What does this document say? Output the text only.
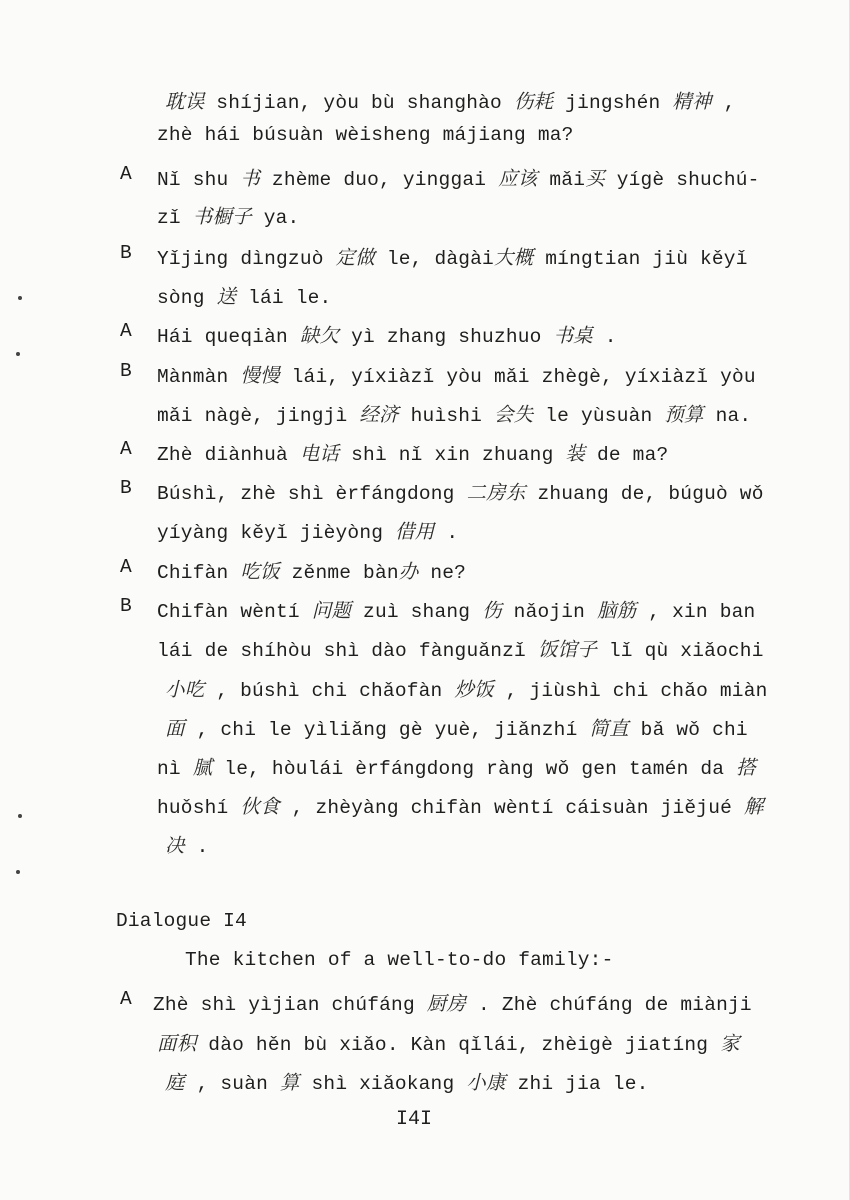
耽误 shíjian, yòu bù shanghào 伤耗 jingshén 精神 ,
zhè hái búsuàn wèisheng májiang ma?
A Nǐ shu 书 zhème duo, yinggai 应该 mǎi买 yígè shuchú-
zǐ 书橱子 ya.
B Yǐjing dìngzuò 定做 le, dàgài大概 míngtian jiù kěyǐ
sòng 送 lái le.
A Hái queqiàn 缺欠 yì zhang shuzhuo 书桌 .
B Mànmàn 慢慢 lái, yíxiàzǐ yòu mǎi zhègè, yíxiàzǐ yòu
mǎi nàgè, jingjì 经济 huìshi 会失 le yùsuàn 预算 na.
A Zhè diànhuà 电话 shì nǐ xin zhuang 装 de ma?
B Búshì, zhè shì èrfángdong 二房东 zhuang de, búguò wǒ
yíyàng kěyǐ jièyòng 借用 .
A Chifàn 吃饭 zěnme bàn办 ne?
B Chifàn wèntí 问题 zuì shang 伤 nǎojin 脑筋 , xin ban
lái de shíhòu shì dào fànguǎnzǐ 饭馆子 lǐ qù xiǎochi
小吃 , búshì chi chǎofàn 炒饭 , jiùshì chi chǎo miàn
面 , chi le yìliǎng gè yuè, jiǎnzhí 简直 bǎ wǒ chi
nì 腻 le, hòulái èrfángdong ràng wǒ gen tamén da 搭
huǒshí 伙食 , zhèyàng chifàn wèntí cáisuàn jiějué 解
决 .
Dialogue I4
The kitchen of a well-to-do family:-
A Zhè shì yìjian chúfáng 厨房 . Zhè chúfáng de miànji
面积 dào hěn bù xiǎo. Kàn qǐlái, zhèigè jiatíng 家
庭 , suàn 算 shì xiǎokang 小康 zhi jia le.
I4I
